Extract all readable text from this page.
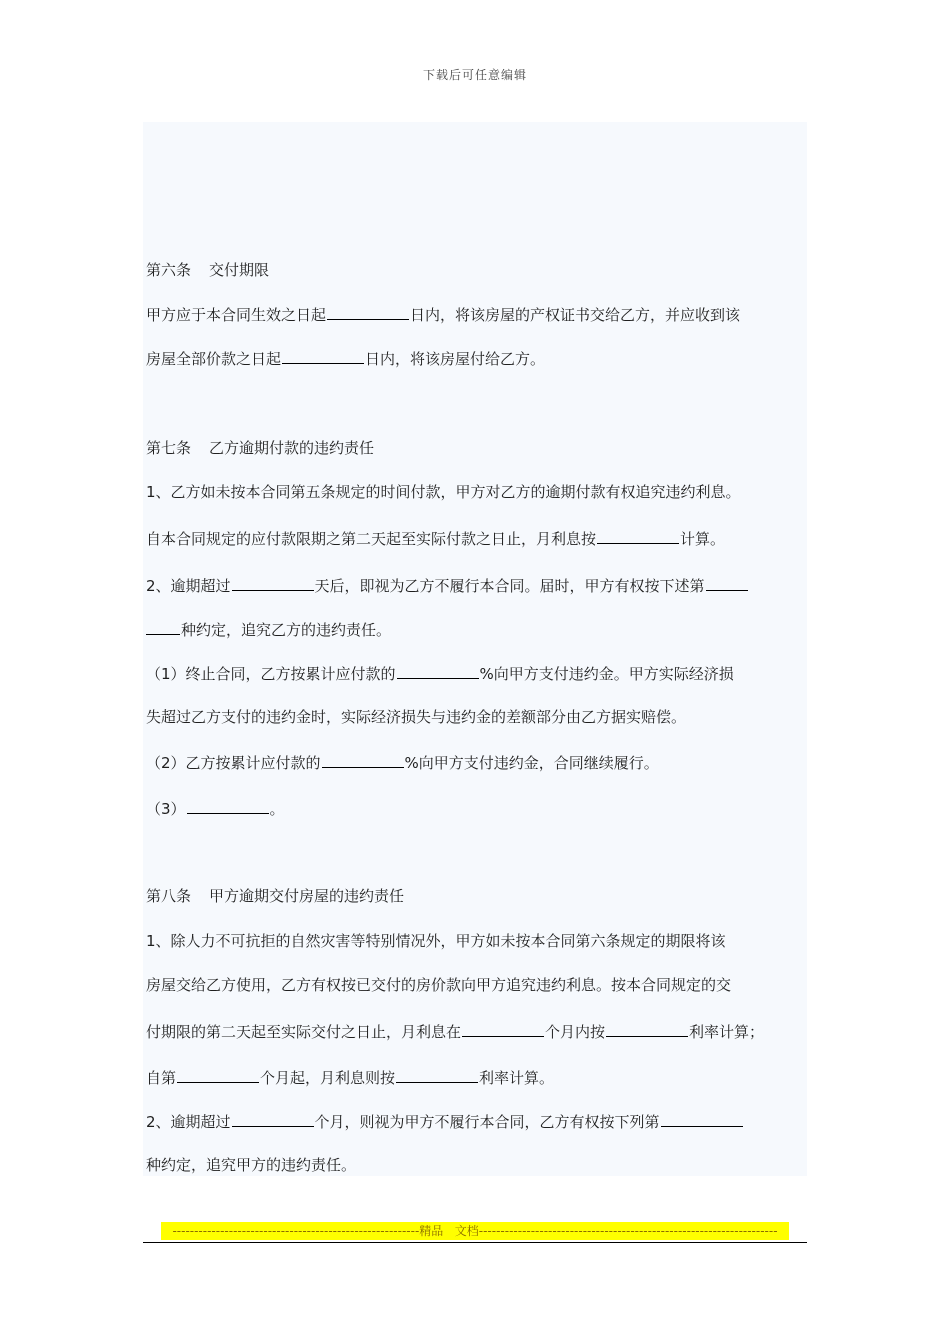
下载后可任意编辑
第六条 交付期限
甲方应于本合同生效之日起	日内，将该房屋的产权证书交给乙方，并应收到该
房屋全部价款之日起	日内，将该房屋付给乙方。
第七条 乙方逾期付款的违约责任
1、乙方如未按本合同第五条规定的时间付款，甲方对乙方的逾期付款有权追究违约利息。
自本合同规定的应付款限期之第二天起至实际付款之日止，月利息按	计算。
2、逾期超过	天后，即视为乙方不履行本合同。届时，甲方有权按下述第
种约定，追究乙方的违约责任。
（1）终止合同，乙方按累计应付款的	%向甲方支付违约金。甲方实际经济损
失超过乙方支付的违约金时，实际经济损失与违约金的差额部分由乙方据实赔偿。
（2）乙方按累计应付款的	%向甲方支付违约金，合同继续履行。
（3）	。
第八条 甲方逾期交付房屋的违约责任
1、除人力不可抗拒的自然灾害等特别情况外，甲方如未按本合同第六条规定的期限将该
房屋交给乙方使用，乙方有权按已交付的房价款向甲方追究违约利息。按本合同规定的交
付期限的第二天起至实际交付之日止，月利息在	个月内按	利率计算；
自第	个月起，月利息则按	利率计算。
2、逾期超过	个月，则视为甲方不履行本合同，乙方有权按下列第
种约定，追究甲方的违约责任。
---------------------------------------------------------精品 文档---------------------------------------------------------------------
